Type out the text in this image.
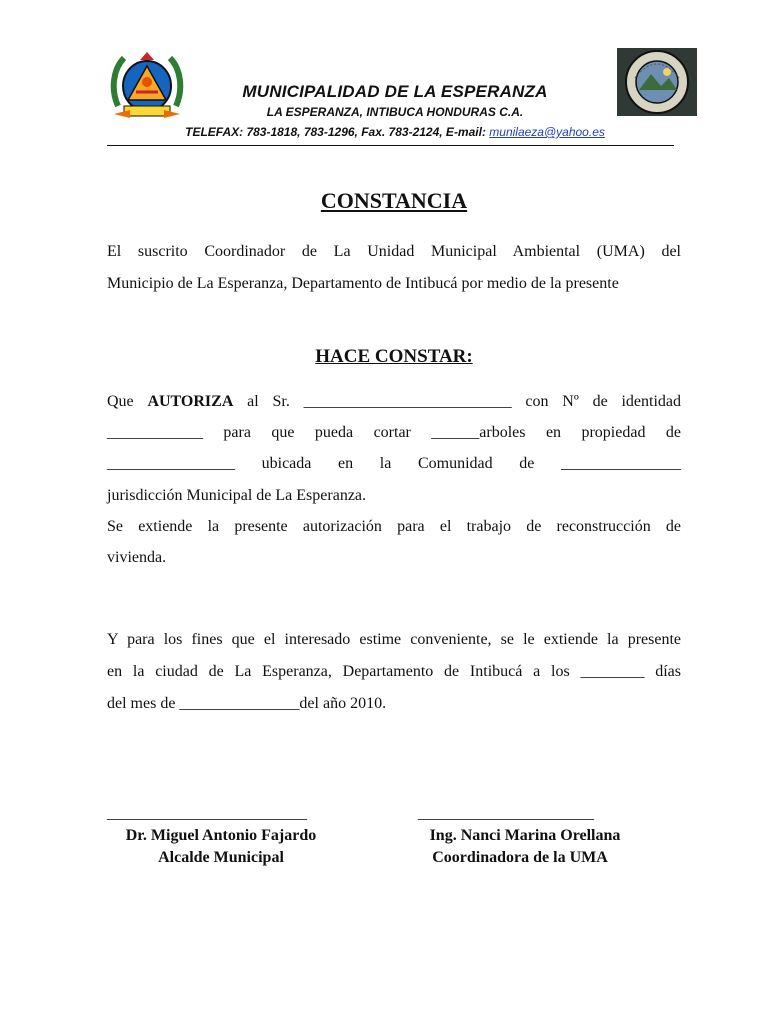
MUNICIPALIDAD DE LA ESPERANZA
LA ESPERANZA, INTIBUCA HONDURAS C.A.
TELEFAX: 783-1818, 783-1296, Fax. 783-2124, E-mail: munilaeza@yahoo.es
CONSTANCIA
El suscrito Coordinador de La Unidad Municipal Ambiental (UMA) del
Municipio de La Esperanza, Departamento de Intibucá por medio de la presente
HACE CONSTAR:
Que AUTORIZA al Sr. __________________________ con Nº de identidad
____________ para que pueda cortar ______arboles en propiedad de
________________ ubicada en la Comunidad de _______________
jurisdicción Municipal de La Esperanza.
Se extiende la presente autorización para el trabajo de reconstrucción de
vivienda.
Y para los fines que el interesado estime conveniente, se le extiende la presente
en la ciudad de La Esperanza, Departamento de Intibucá a los ________ días
del mes de _______________del año 2010.
_________________________
Dr. Miguel Antonio Fajardo
Alcalde Municipal
______________________
Ing. Nanci Marina Orellana
Coordinadora de la UMA
